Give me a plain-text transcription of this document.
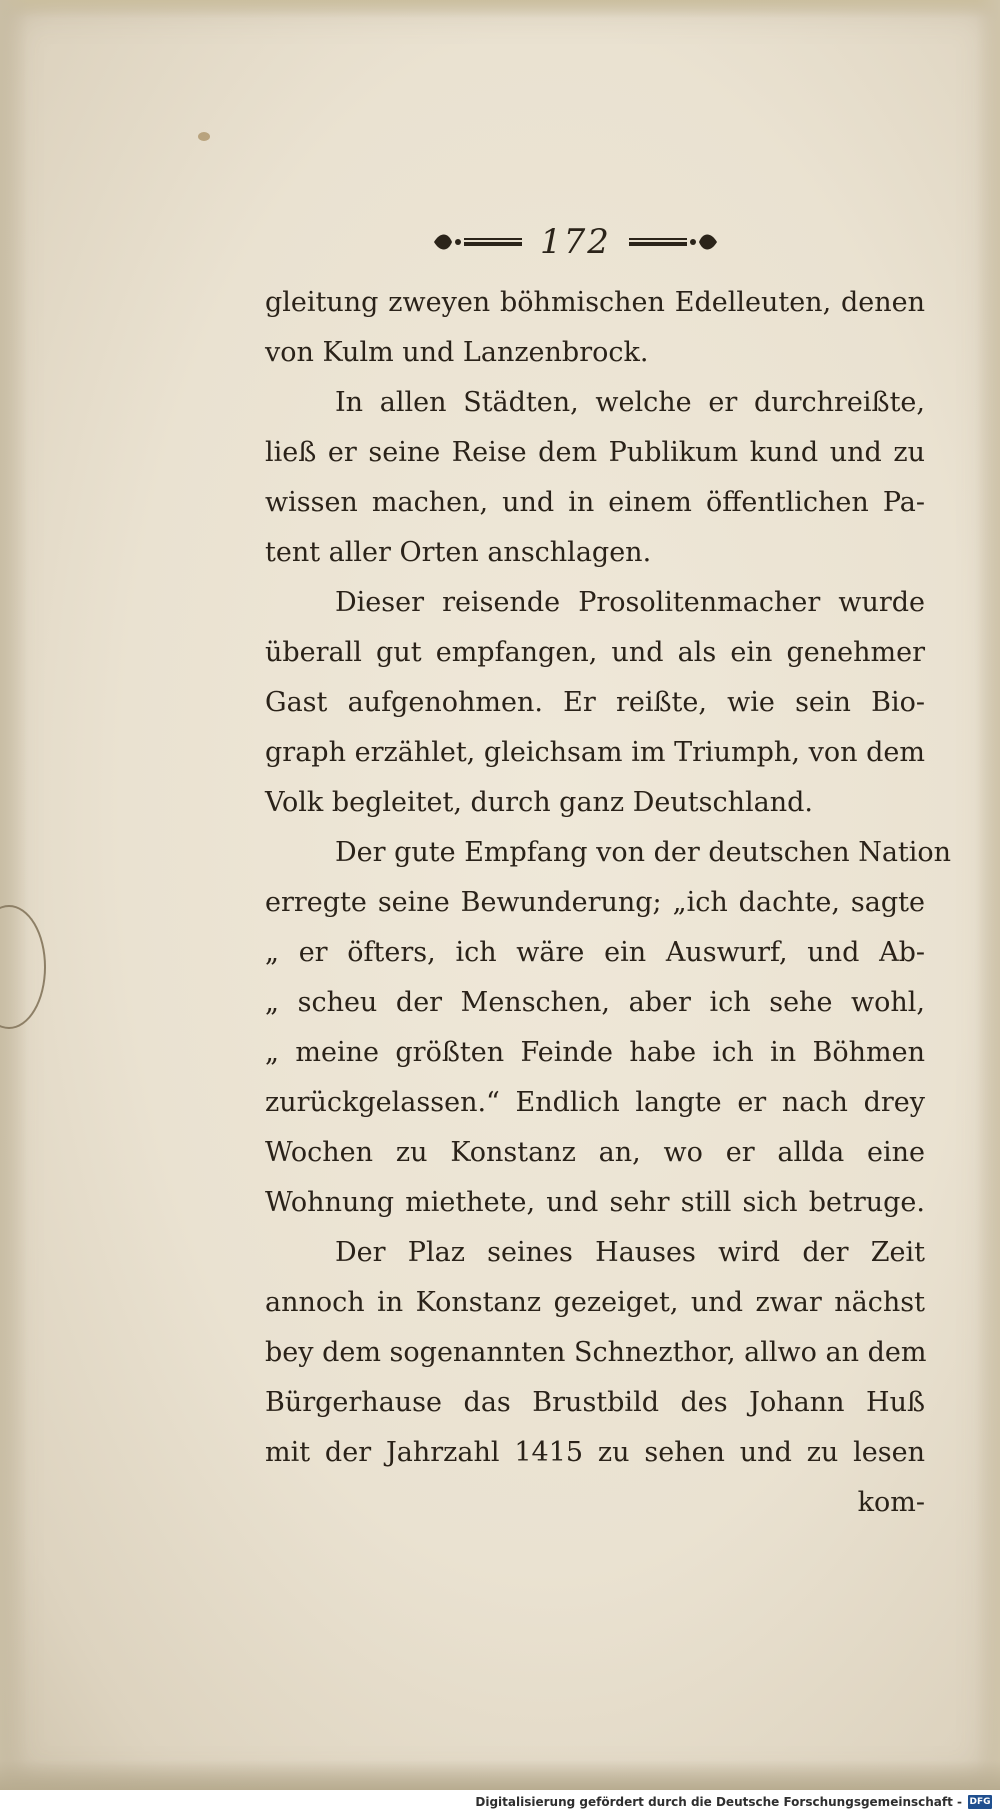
172
gleitung zweyen böhmischen Edelleuten, denen
von Kulm und Lanzenbrock.
In allen Städten, welche er durchreißte,
ließ er seine Reise dem Publikum kund und zu
wissen machen, und in einem öffentlichen Pa-
tent aller Orten anschlagen.
Dieser reisende Prosolitenmacher wurde
überall gut empfangen, und als ein genehmer
Gast aufgenohmen. Er reißte, wie sein Bio-
graph erzählet, gleichsam im Triumph, von dem
Volk begleitet, durch ganz Deutschland.
Der gute Empfang von der deutschen Nation
erregte seine Bewunderung; „ich dachte, sagte
„ er öfters, ich wäre ein Auswurf, und Ab-
„ scheu der Menschen, aber ich sehe wohl,
„ meine größten Feinde habe ich in Böhmen
zurückgelassen.“ Endlich langte er nach drey
Wochen zu Konstanz an, wo er allda eine
Wohnung miethete, und sehr still sich betruge.
Der Plaz seines Hauses wird der Zeit
annoch in Konstanz gezeiget, und zwar nächst
bey dem sogenannten Schnezthor, allwo an dem
Bürgerhause das Brustbild des Johann Huß
mit der Jahrzahl 1415 zu sehen und zu lesen
kom-
Digitalisierung gefördert durch die Deutsche Forschungsgemeinschaft - DFG
